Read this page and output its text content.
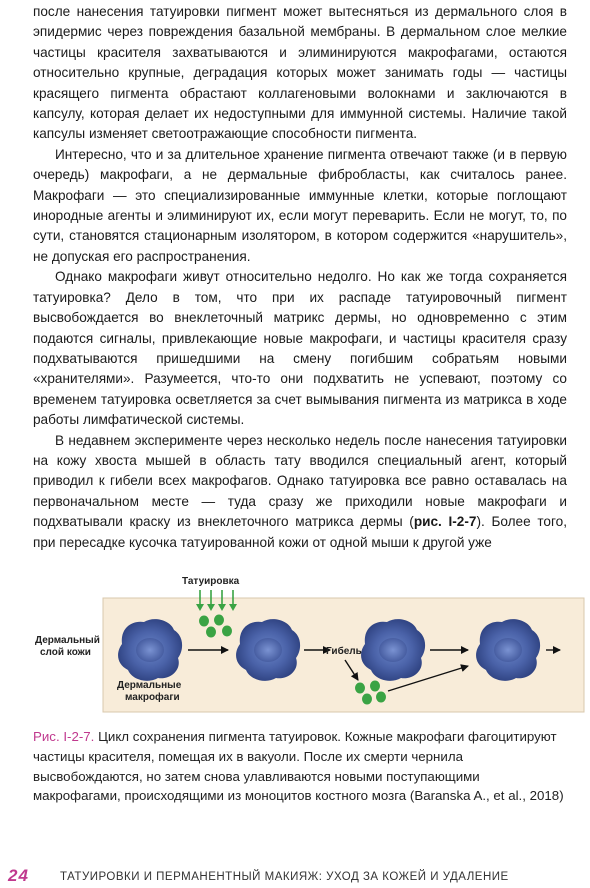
после нанесения татуировки пигмент может вытесняться из дермального слоя в эпидермис через повреждения базальной мембраны. В дермальном слое мелкие частицы красителя захватываются и элиминируются макрофагами, остаются относительно крупные, деградация которых может занимать годы — частицы красящего пигмента обрастают коллагеновыми волокнами и заключаются в капсулу, которая делает их недоступными для иммунной системы. Наличие такой капсулы изменяет светоотражающие способности пигмента.

Интересно, что и за длительное хранение пигмента отвечают также (и в первую очередь) макрофаги, а не дермальные фибробласты, как считалось ранее. Макрофаги — это специализированные иммунные клетки, которые поглощают инородные агенты и элиминируют их, если могут переварить. Если не могут, то, по сути, становятся стационарным изолятором, в котором содержится «нарушитель», не допуская его распространения.

Однако макрофаги живут относительно недолго. Но как же тогда сохраняется татуировка? Дело в том, что при их распаде татуировочный пигмент высвобождается во внеклеточный матрикс дермы, но одновременно с этим подаются сигналы, привлекающие новые макрофаги, и частицы красителя сразу подхватываются пришедшими на смену погибшим собратьям новыми «хранителями». Разумеется, что-то они подхватить не успевают, поэтому со временем татуировка осветляется за счет вымывания пигмента из матрикса в ходе работы лимфатической системы.

В недавнем эксперименте через несколько недель после нанесения татуировки на кожу хвоста мышей в область тату вводился специальный агент, который приводил к гибели всех макрофагов. Однако татуировка все равно оставалась на первоначальном месте — туда сразу же приходили новые макрофаги и подхватывали краску из внеклеточного матрикса дермы (рис. I-2-7). Более того, при пересадке кусочка татуированной кожи от одной мыши к другой уже

Татуировка
Дермальный
слой кожи	Гибель
Дермальные
макрофаги
Рис. I-2-7. Цикл сохранения пигмента татуировок. Кожные макрофаги фагоцитируют частицы красителя, помещая их в вакуоли. После их смерти чернила высвобождаются, но затем снова улавливаются новыми поступающими макрофагами, происходящими из моноцитов костного мозга (Baranska A., et al., 2018)
24	ТАТУИРОВКИ И ПЕРМАНЕНТНЫЙ МАКИЯЖ: УХОД ЗА КОЖЕЙ И УДАЛЕНИЕ
